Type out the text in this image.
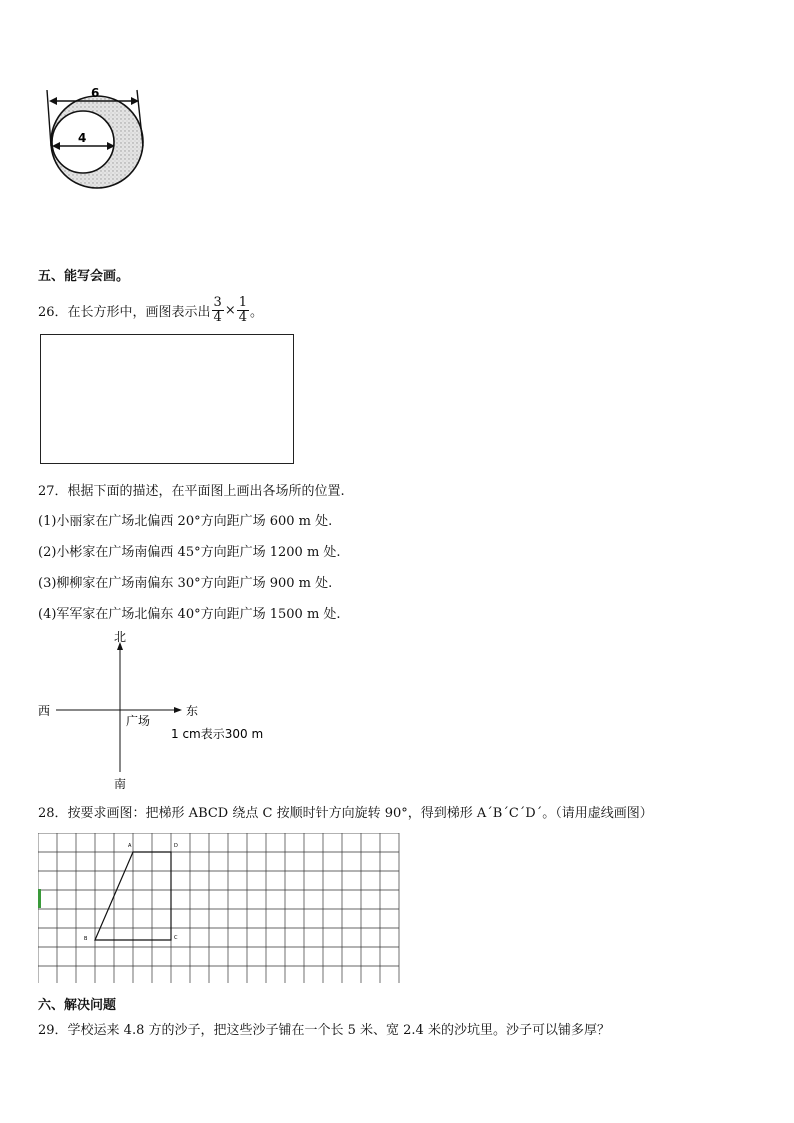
6
4
五、能写会画。
26．在长方形中，画图表示出 $\frac{3}{4} \times \frac{1}{4}$ 。
27．根据下面的描述，在平面图上画出各场所的位置.
(1)小丽家在广场北偏西 20°方向距广场 600 m 处.
(2)小彬家在广场南偏西 45°方向距广场 1200 m 处.
(3)柳柳家在广场南偏东 30°方向距广场 900 m 处.
(4)军军家在广场北偏东 40°方向距广场 1500 m 处.
北
南
西	东
广场
1 cm表示300 m
28．按要求画图：把梯形 ABCD 绕点 C 按顺时针方向旋转 90°，得到梯形 A´B´C´D´。（请用虚线画图）
A	D
B	C
六、解决问题
29．学校运来 4.8 方的沙子，把这些沙子铺在一个长 5 米、宽 2.4 米的沙坑里。沙子可以铺多厚？
